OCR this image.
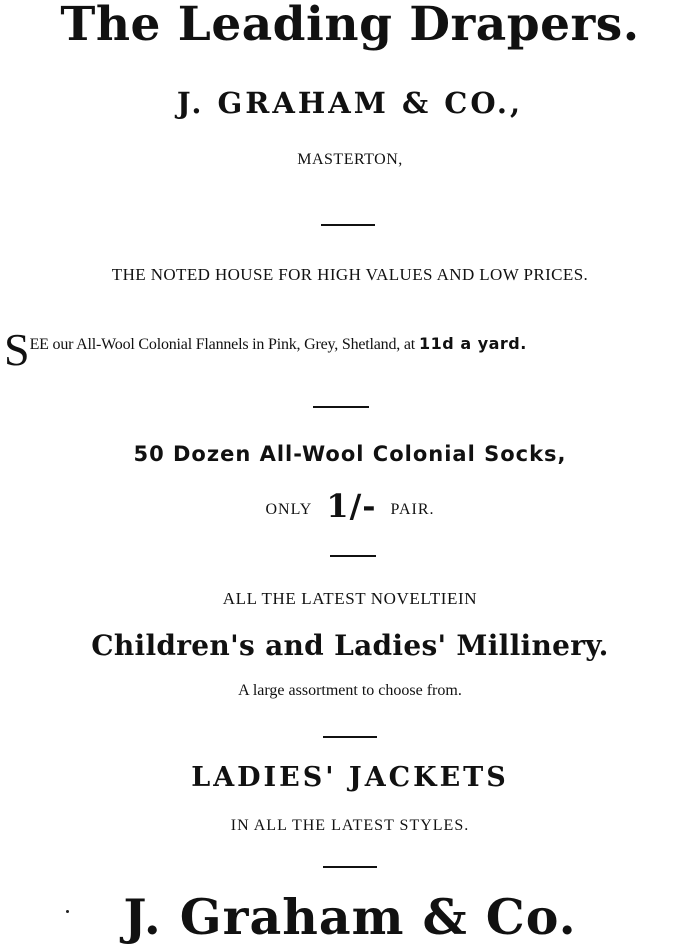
The Leading Drapers.
J. GRAHAM & CO.,
MASTERTON,
THE NOTED HOUSE FOR HIGH VALUES AND LOW PRICES.
SEE our All-Wool Colonial Flannels in Pink, Grey, Shetland, at 11d a yard.
50 Dozen All-Wool Colonial Socks,
ONLY 1/- PAIR.
ALL THE LATEST NOVELTIEIN
Children's and Ladies' Millinery.
A large assortment to choose from.
LADIES' JACKETS
IN ALL THE LATEST STYLES.
J. Graham & Co.
